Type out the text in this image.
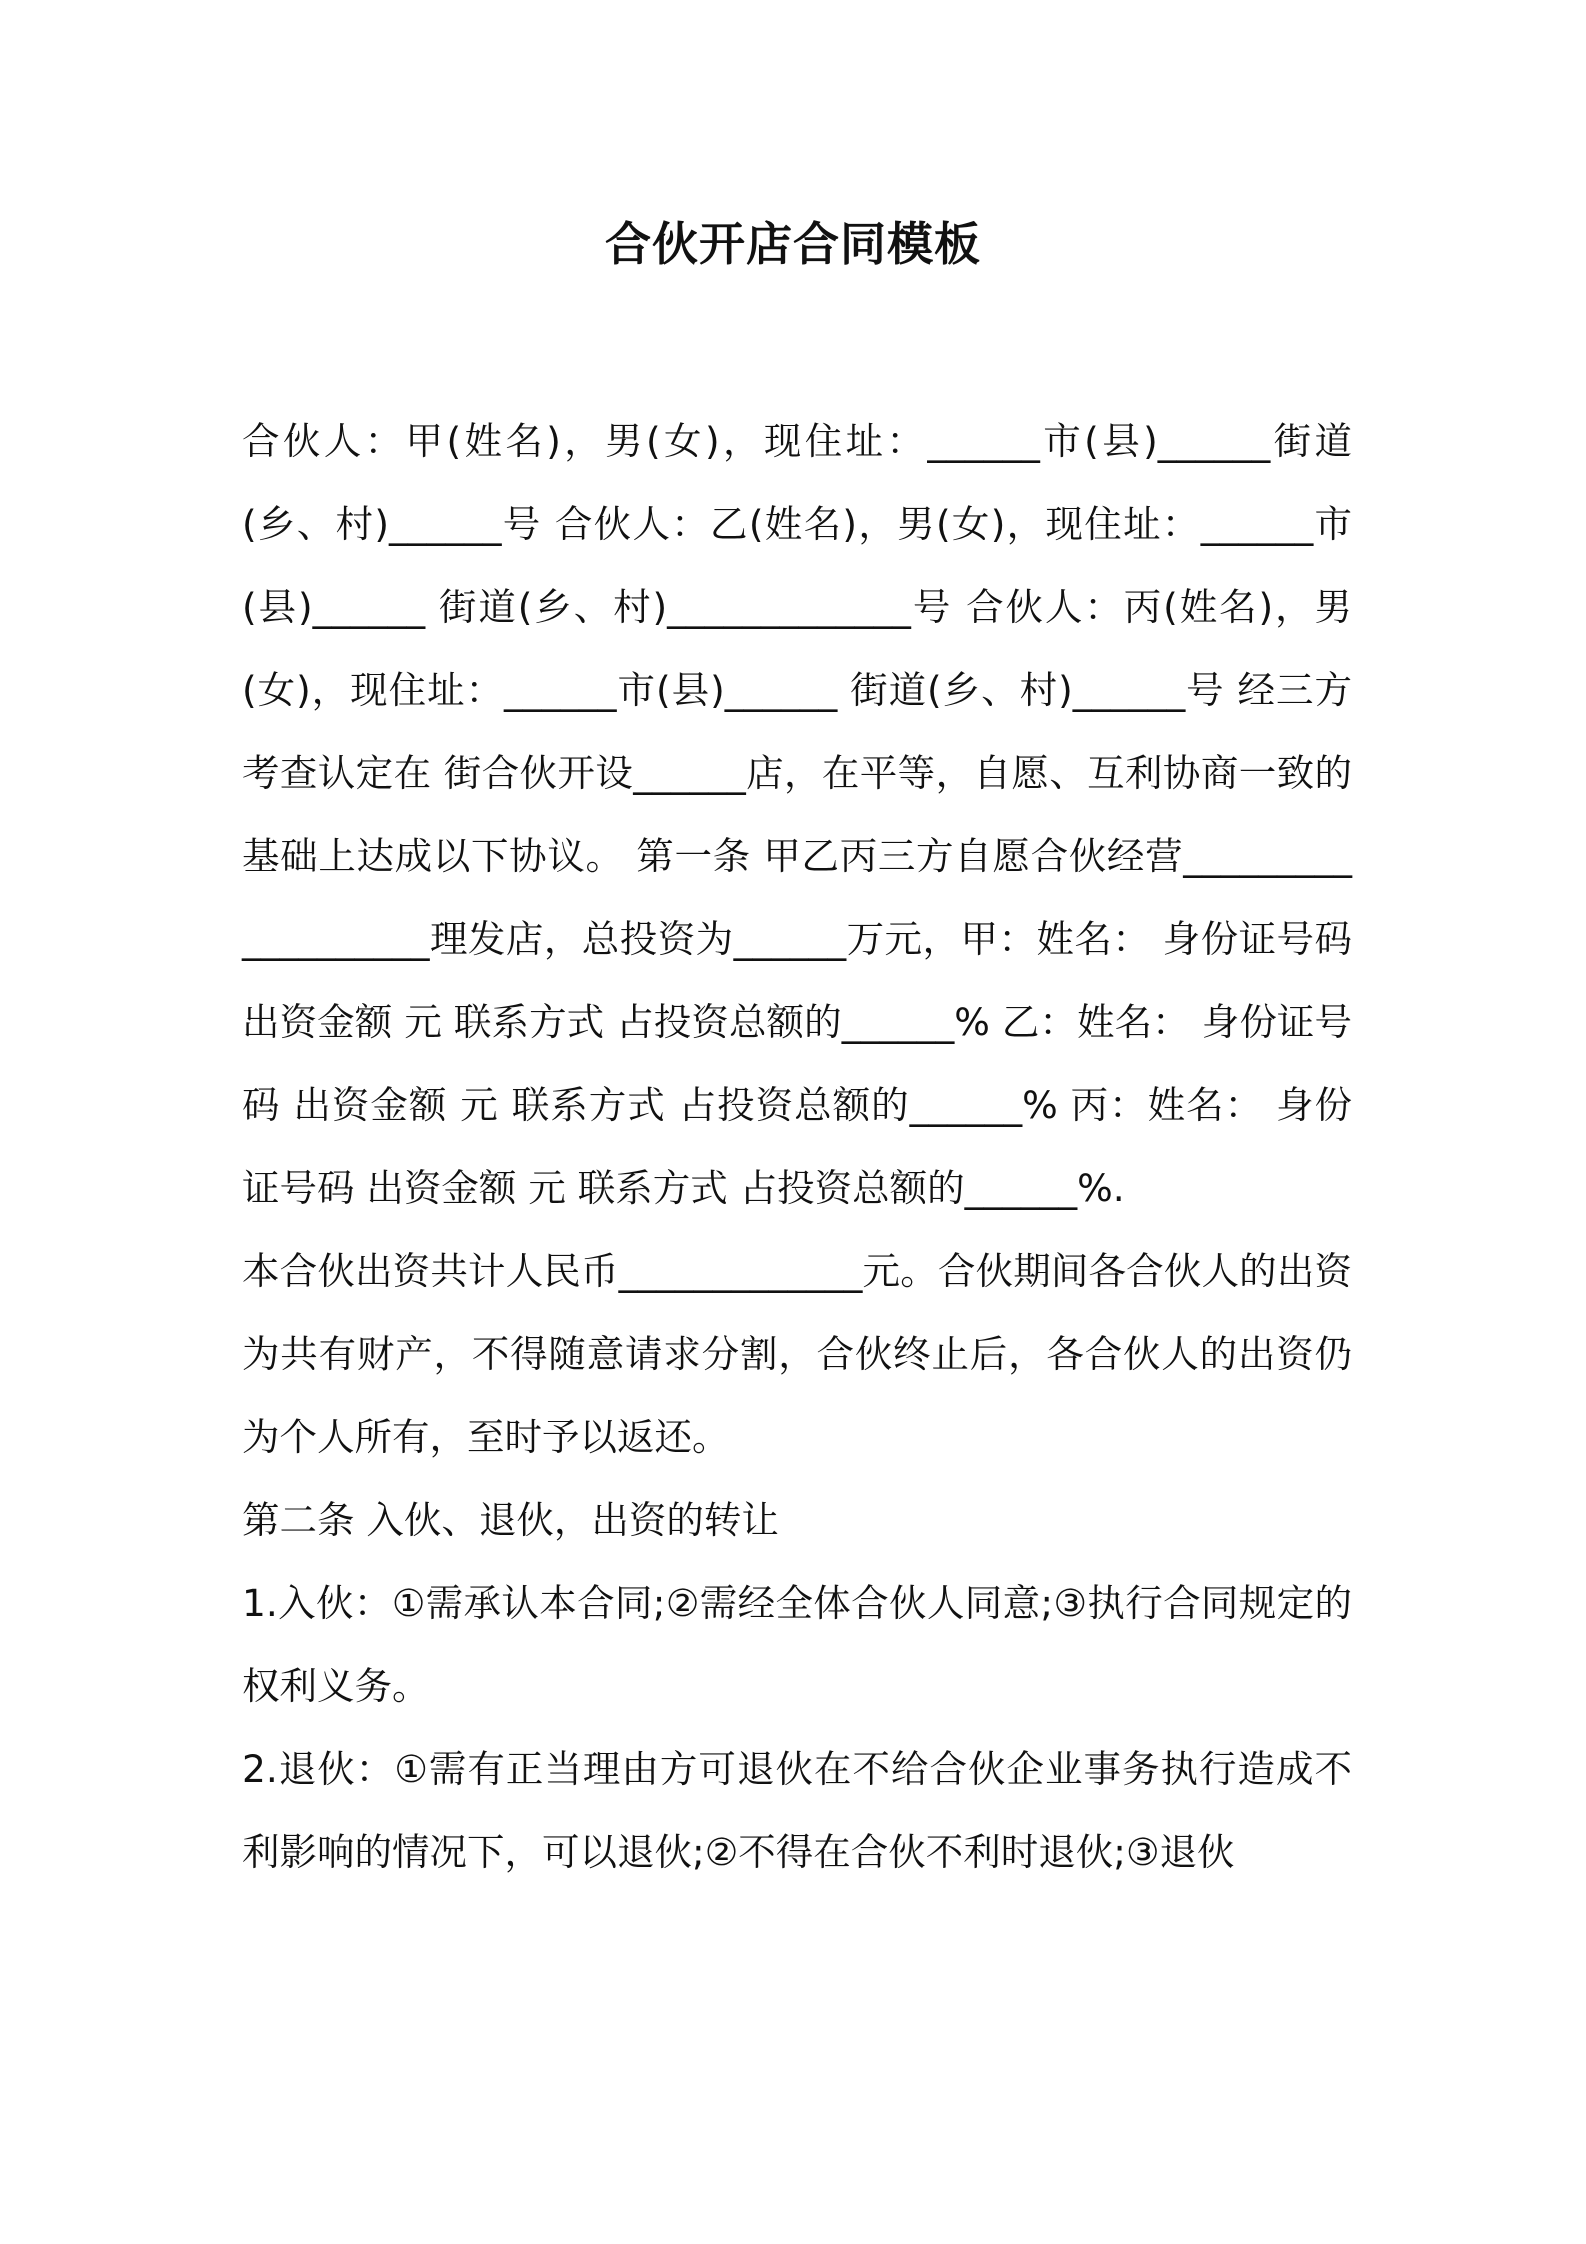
合伙开店合同模板

合伙人：甲(姓名)，男(女)，现住址：______市(县)______街道(乡、村)______号 合伙人：乙(姓名)，男(女)，现住址：______市(县)______ 街道(乡、村)_____________号 合伙人：丙(姓名)，男(女)，现住址：______市(县)______ 街道(乡、村)______号 经三方考查认定在 街合伙开设______店，在平等，自愿、互利协商一致的基础上达成以下协议。 第一条 甲乙丙三方自愿合伙经营___________________理发店，总投资为______万元，甲：姓名： 身份证号码 出资金额 元 联系方式 占投资总额的______% 乙：姓名： 身份证号码 出资金额 元 联系方式 占投资总额的______% 丙：姓名： 身份证号码 出资金额 元 联系方式 占投资总额的______%.

本合伙出资共计人民币_____________元。合伙期间各合伙人的出资为共有财产，不得随意请求分割，合伙终止后，各合伙人的出资仍为个人所有，至时予以返还。

第二条 入伙、退伙，出资的转让

1.入伙：①需承认本合同;②需经全体合伙人同意;③执行合同规定的权利义务。

2.退伙：①需有正当理由方可退伙在不给合伙企业事务执行造成不利影响的情况下，可以退伙;②不得在合伙不利时退伙;③退伙
